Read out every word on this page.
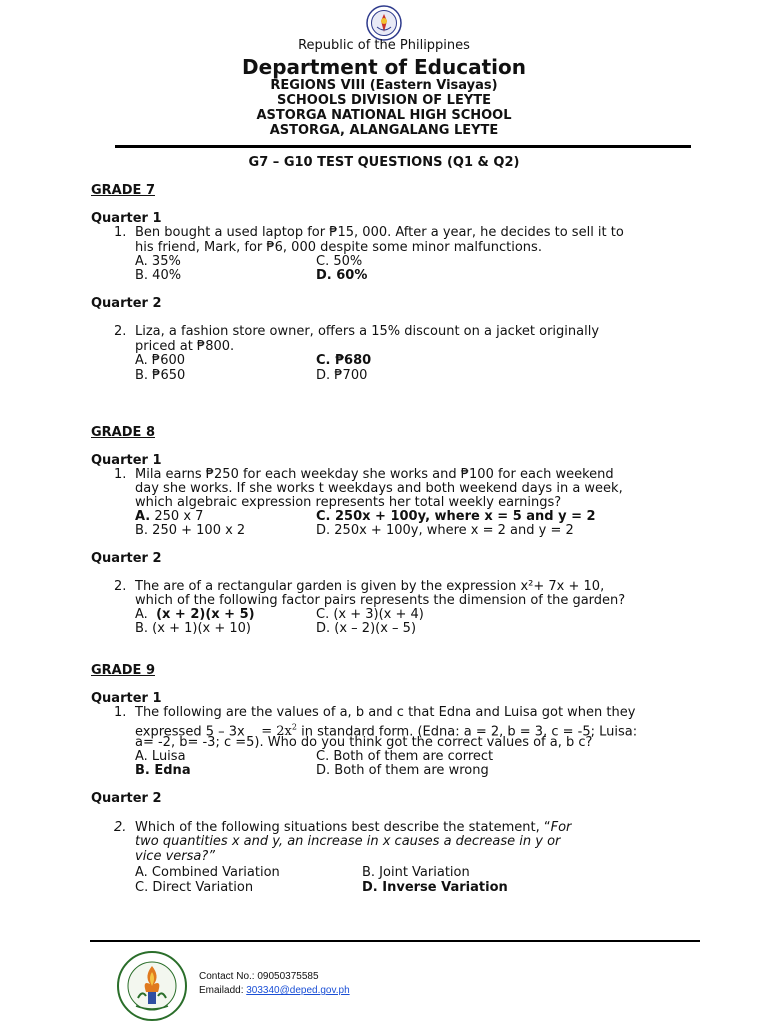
Republic of the Philippines
Department of Education
REGIONS VIII (Eastern Visayas)
SCHOOLS DIVISION OF LEYTE
ASTORGA NATIONAL HIGH SCHOOL
ASTORGA, ALANGALANG LEYTE
G7 – G10 TEST QUESTIONS (Q1 & Q2)
GRADE 7
Quarter 1
1. Ben bought a used laptop for ₱15, 000. After a year, he decides to sell it to
his friend, Mark, for ₱6, 000 despite some minor malfunctions.
A. 35%	C. 50%
B. 40%	D. 60%
Quarter 2
2. Liza, a fashion store owner, offers a 15% discount on a jacket originally
priced at ₱800.
A. ₱600	C. ₱680
B. ₱650	D. ₱700
GRADE 8
Quarter 1
1. Mila earns ₱250 for each weekday she works and ₱100 for each weekend
day she works. If she works t weekdays and both weekend days in a week,
which algebraic expression represents her total weekly earnings?
A. 250 x 7	C. 250x + 100y, where x = 5 and y = 2
B. 250 + 100 x 2	D. 250x + 100y, where x = 2 and y = 2
Quarter 2
2. The are of a rectangular garden is given by the expression x²+ 7x + 10,
which of the following factor pairs represents the dimension of the garden?
A. (x + 2)(x + 5)	C. (x + 3)(x + 4)
B. (x + 1)(x + 10)	D. (x – 2)(x – 5)
GRADE 9
Quarter 1
1. The following are the values of a, b and c that Edna and Luisa got when they
expressed $5 - 3x = 2x^2$ in standard form. (Edna: a = 2, b = 3, c = -5; Luisa:
a= -2, b= -3; c =5). Who do you think got the correct values of a, b c?
A. Luisa	C. Both of them are correct
B. Edna	D. Both of them are wrong
Quarter 2
2. Which of the following situations best describe the statement, “For
two quantities x and y, an increase in x causes a decrease in y or
vice versa?”
A. Combined Variation	B. Joint Variation
C. Direct Variation	D. Inverse Variation
Contact No.: 09050375585
Emailadd: 303340@deped.gov.ph
